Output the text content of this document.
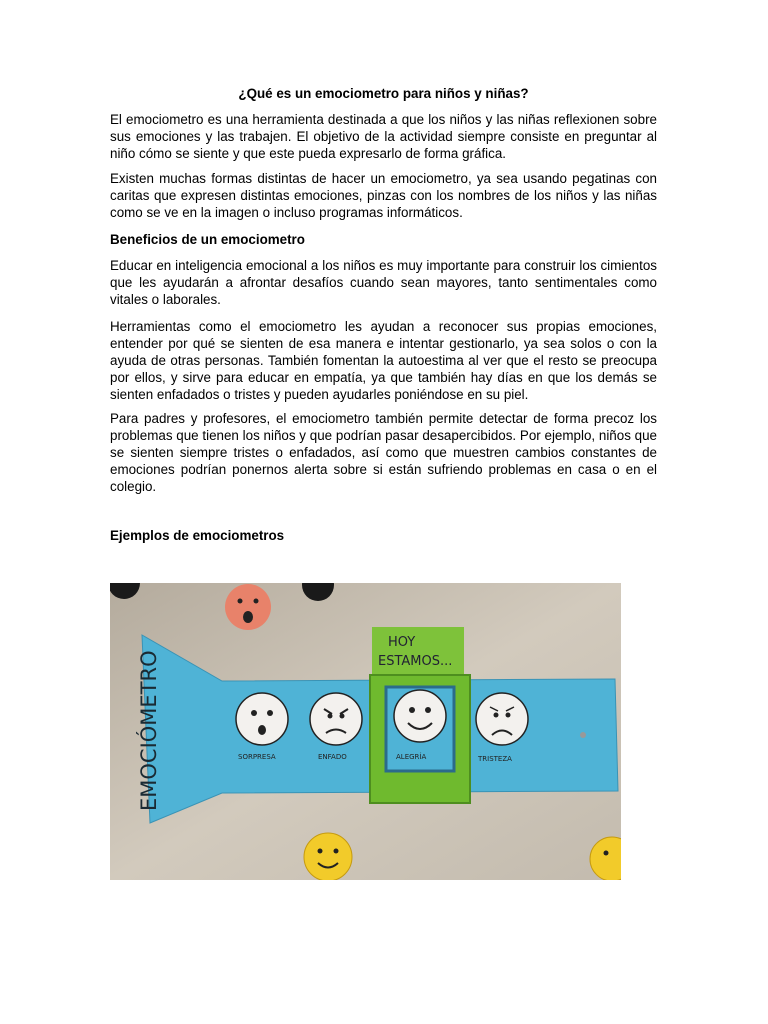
¿Qué es un emociometro para niños y niñas?

El emociometro es una herramienta destinada a que los niños y las niñas reflexionen sobre sus emociones y las trabajen. El objetivo de la actividad siempre consiste en preguntar al niño cómo se siente y que este pueda expresarlo de forma gráfica.

Existen muchas formas distintas de hacer un emociometro, ya sea usando pegatinas con caritas que expresen distintas emociones, pinzas con los nombres de los niños y las niñas como se ve en la imagen o incluso programas informáticos.

Beneficios de un emociometro

Educar en inteligencia emocional a los niños es muy importante para construir los cimientos que les ayudarán a afrontar desafíos cuando sean mayores, tanto sentimentales como vitales o laborales.

Herramientas como el emociometro les ayudan a reconocer sus propias emociones, entender por qué se sienten de esa manera e intentar gestionarlo, ya sea solos o con la ayuda de otras personas. También fomentan la autoestima al ver que el resto se preocupa por ellos, y sirve para educar en empatía, ya que también hay días en que los demás se sienten enfadados o tristes y pueden ayudarles poniéndose en su piel.

Para padres y profesores, el emociometro también permite detectar de forma precoz los problemas que tienen los niños y que podrían pasar desapercibidos. Por ejemplo, niños que se sienten siempre tristes o enfadados, así como que muestren cambios constantes de emociones podrían ponernos alerta sobre si están sufriendo problemas en casa o en el colegio.

Ejemplos de emociometros
EMOCIÓMETRO
HOY
ESTAMOS...
SORPRESA	ENFADO	ALEGRÍA	TRISTEZA
